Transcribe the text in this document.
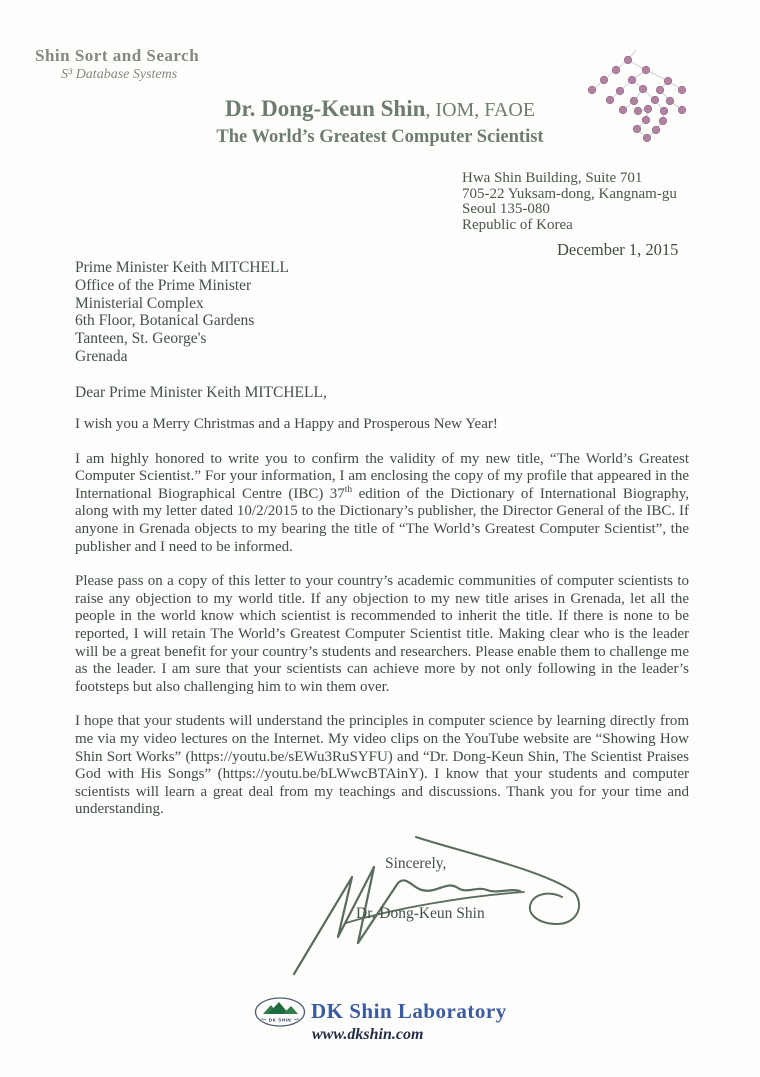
Shin Sort and Search
S³ Database Systems
Dr. Dong-Keun Shin, IOM, FAOE
The World’s Greatest Computer Scientist
Hwa Shin Building, Suite 701
705-22 Yuksam-dong, Kangnam-gu
Seoul 135-080
Republic of Korea
December 1, 2015
Prime Minister Keith MITCHELL
Office of the Prime Minister
Ministerial Complex
6th Floor, Botanical Gardens
Tanteen, St. George's
Grenada
Dear Prime Minister Keith MITCHELL,

I wish you a Merry Christmas and a Happy and Prosperous New Year!

I am highly honored to write you to confirm the validity of my new title, “The World’s Greatest Computer Scientist.” For your information, I am enclosing the copy of my profile that appeared in the International Biographical Centre (IBC) 37th edition of the Dictionary of International Biography, along with my letter dated 10/2/2015 to the Dictionary’s publisher, the Director General of the IBC. If anyone in Grenada objects to my bearing the title of “The World’s Greatest Computer Scientist”, the publisher and I need to be informed.

Please pass on a copy of this letter to your country’s academic communities of computer scientists to raise any objection to my world title. If any objection to my new title arises in Grenada, let all the people in the world know which scientist is recommended to inherit the title. If there is none to be reported, I will retain The World’s Greatest Computer Scientist title. Making clear who is the leader will be a great benefit for your country’s students and researchers. Please enable them to challenge me as the leader. I am sure that your scientists can achieve more by not only following in the leader’s footsteps but also challenging him to win them over.

I hope that your students will understand the principles in computer science by learning directly from me via my video lectures on the Internet. My video clips on the YouTube website are “Showing How Shin Sort Works” (https://youtu.be/sEWu3RuSYFU) and “Dr. Dong-Keun Shin, The Scientist Praises God with His Songs” (https://youtu.be/bLWwcBTAinY). I know that your students and computer scientists will learn a great deal from my teachings and discussions. Thank you for your time and understanding.

Sincerely,
Dr. Dong-Keun Shin
DK SHIN DK Shin Laboratory
www.dkshin.com
